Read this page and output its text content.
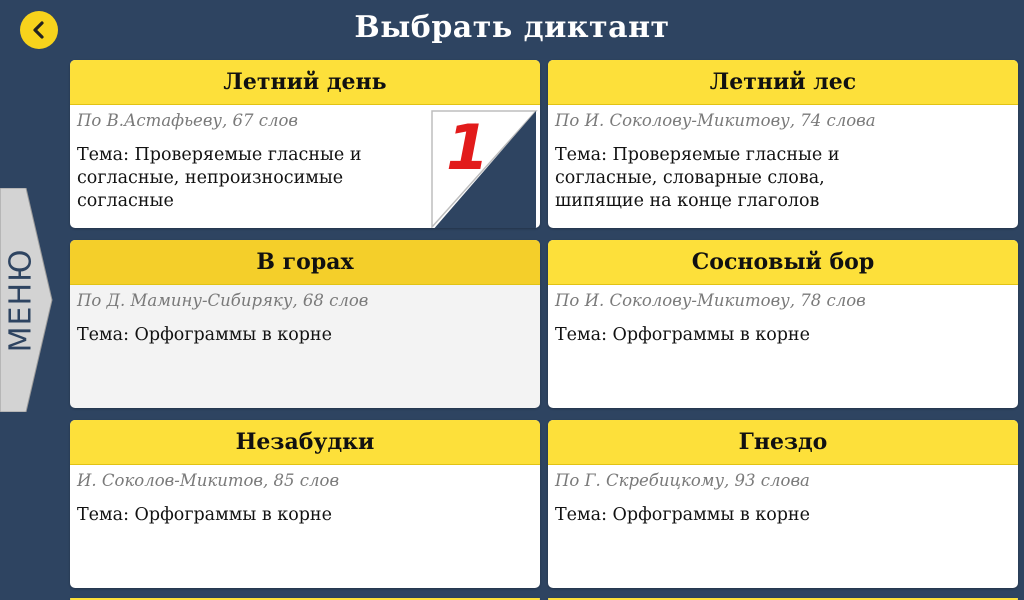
Выбрать диктант
МЕНЮ
Летний день
По В.Астафьеву, 67 слов
Тема: Проверяемые гласные и согласные, непроизносимые согласные
1
Летний лес
По И. Соколову-Микитову, 74 слова
Тема: Проверяемые гласные и согласные, словарные слова, шипящие на конце глаголов
В горах
По Д. Мамину-Сибиряку, 68 слов
Тема: Орфограммы в корне
Сосновый бор
По И. Соколову-Микитову, 78 слов
Тема: Орфограммы в корне
Незабудки
И. Соколов-Микитов, 85 слов
Тема: Орфограммы в корне
Гнездо
По Г. Скребицкому, 93 слова
Тема: Орфограммы в корне
